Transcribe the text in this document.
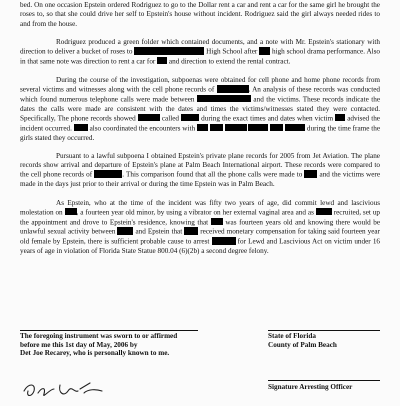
bed. On one occasion Epstein ordered Rodriguez to go to the Dollar rent a car and rent a car for the same girl he brought the roses to, so that she could drive her self to Epstein's house without incident. Rodriguez said the girl always needed rides to and from the house.

Rodriguez produced a green folder which contained documents, and a note with Mr. Epstein's stationary with direction to deliver a bucket of roses to	High School after high school drama performance. Also in that same note was direction to rent a car for and direction to extend the rental contract.

During the course of the investigation, subpoenas were obtained for cell phone and home phone records from several victims and witnesses along with the cell phone records of	. An analysis of these records was conducted which found numerous telephone calls were made between	and the victims. These records indicate the dates the calls were made are consistent with the dates and times the victims/witnesses stated they were contacted. Specifically, The phone records showed	called	during the exact times and dates when victim advised the incident occurred. also coordinated the encounters with	during the time frame the girls stated they occurred.

Pursuant to a lawful subpoena I obtained Epstein's private plane records for 2005 from Jet Aviation. The plane records show arrival and departure of Epstein's plane at Palm Beach International airport. These records were compared to the cell phone records of	. This comparison found that all the phone calls were made to and the victims were made in the days just prior to their arrival or during the time Epstein was in Palm Beach.

As Epstein, who at the time of the incident was fifty two years of age, did commit lewd and lascivious molestation on , a fourteen year old minor, by using a vibrator on her external vaginal area and as	recruited, set up the appointment and drove to Epstein's residence, knowing that was fourteen years old and knowing there would be unlawful sexual activity between	and Epstein that	received monetary compensation for taking said fourteen year old female by Epstein, there is sufficient probable cause to arrest	for Lewd and Lascivious Act on victim under 16 years of age in violation of Florida State Statue 800.04 (6)(2b) a second degree felony.

The foregoing instrument was sworn to or affirmed
before me this 1st day of May, 2006 by
Det Joe Recarey, who is personally known to me.
State of Florida
County of Palm Beach
Signature Arresting Officer
